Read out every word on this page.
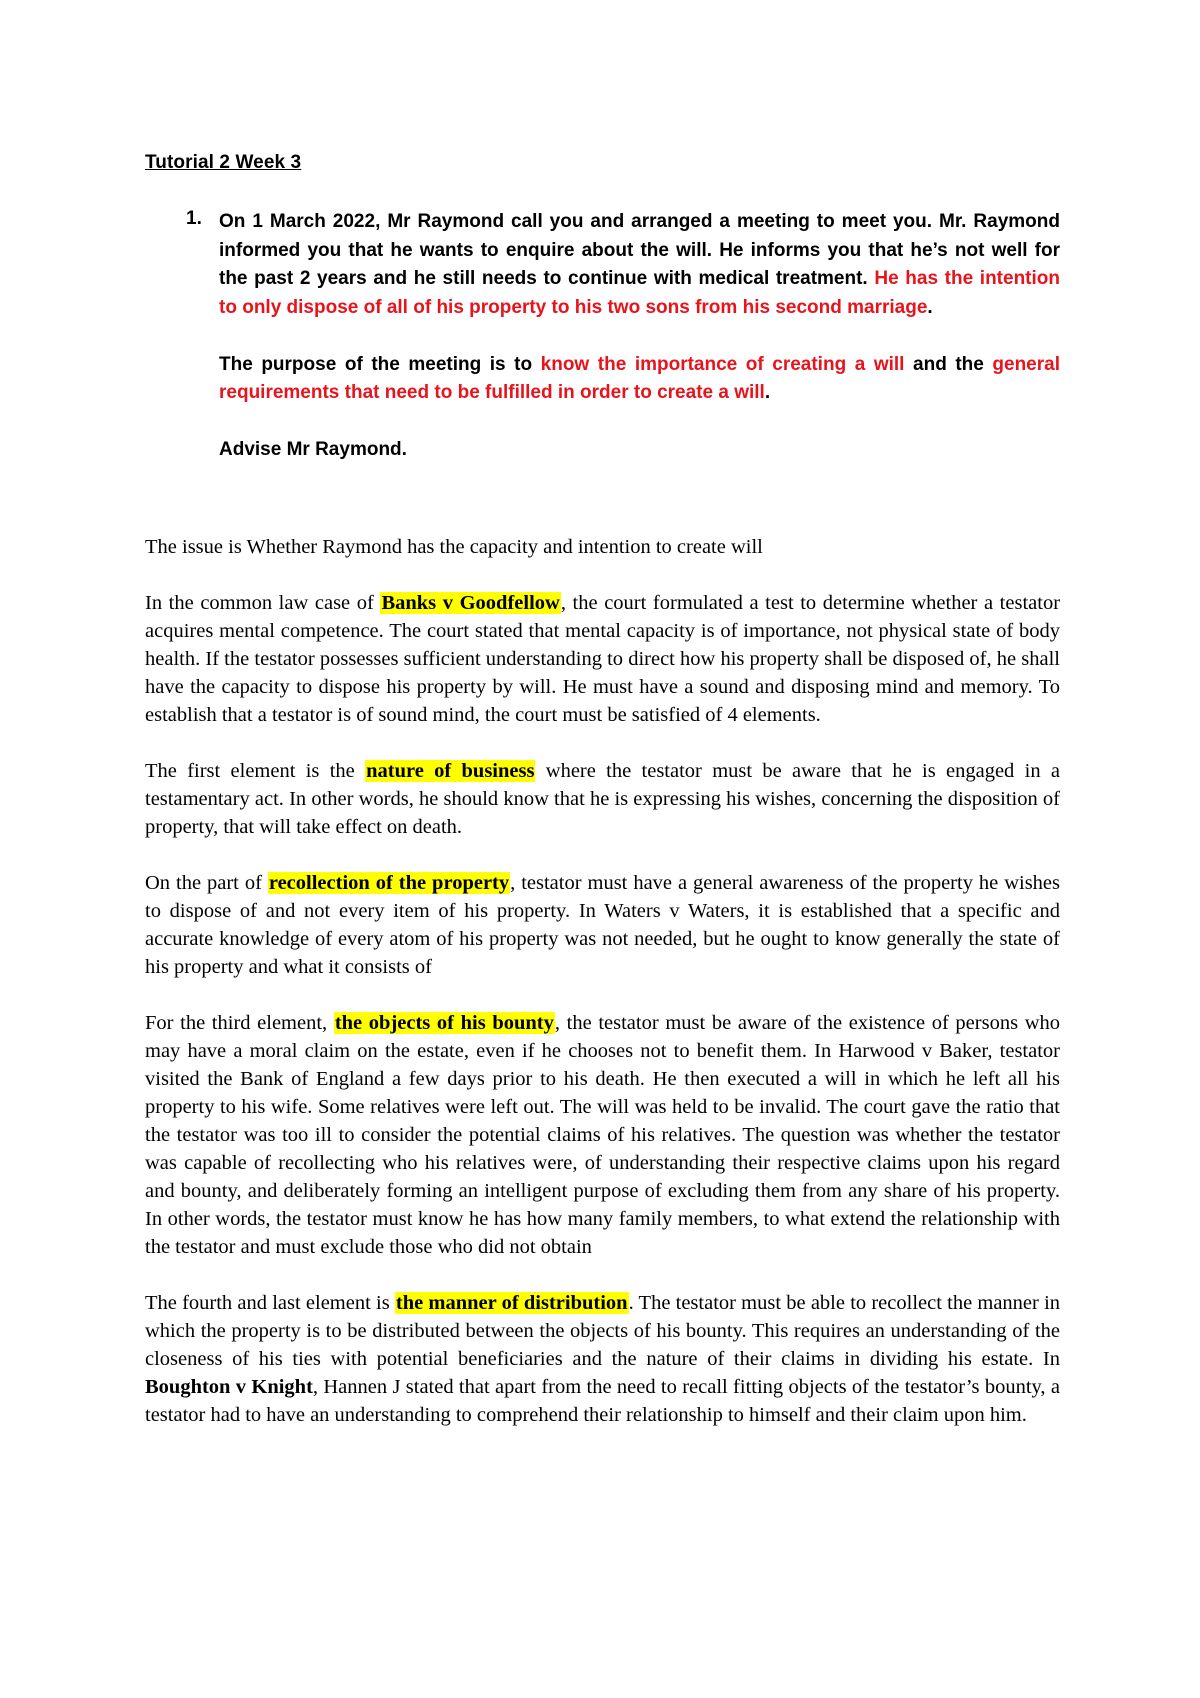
Tutorial 2 Week 3
1. On 1 March 2022, Mr Raymond call you and arranged a meeting to meet you. Mr. Raymond informed you that he wants to enquire about the will. He informs you that he’s not well for the past 2 years and he still needs to continue with medical treatment. He has the intention to only dispose of all of his property to his two sons from his second marriage.

The purpose of the meeting is to know the importance of creating a will and the general requirements that need to be fulfilled in order to create a will.

Advise Mr Raymond.

The issue is Whether Raymond has the capacity and intention to create will

In the common law case of Banks v Goodfellow, the court formulated a test to determine whether a testator acquires mental competence. The court stated that mental capacity is of importance, not physical state of body health. If the testator possesses sufficient understanding to direct how his property shall be disposed of, he shall have the capacity to dispose his property by will. He must have a sound and disposing mind and memory. To establish that a testator is of sound mind, the court must be satisfied of 4 elements.

The first element is the nature of business where the testator must be aware that he is engaged in a testamentary act. In other words, he should know that he is expressing his wishes, concerning the disposition of property, that will take effect on death.

On the part of recollection of the property, testator must have a general awareness of the property he wishes to dispose of and not every item of his property. In Waters v Waters, it is established that a specific and accurate knowledge of every atom of his property was not needed, but he ought to know generally the state of his property and what it consists of

For the third element, the objects of his bounty, the testator must be aware of the existence of persons who may have a moral claim on the estate, even if he chooses not to benefit them. In Harwood v Baker, testator visited the Bank of England a few days prior to his death. He then executed a will in which he left all his property to his wife. Some relatives were left out. The will was held to be invalid. The court gave the ratio that the testator was too ill to consider the potential claims of his relatives. The question was whether the testator was capable of recollecting who his relatives were, of understanding their respective claims upon his regard and bounty, and deliberately forming an intelligent purpose of excluding them from any share of his property. In other words, the testator must know he has how many family members, to what extend the relationship with the testator and must exclude those who did not obtain

The fourth and last element is the manner of distribution. The testator must be able to recollect the manner in which the property is to be distributed between the objects of his bounty. This requires an understanding of the closeness of his ties with potential beneficiaries and the nature of their claims in dividing his estate. In Boughton v Knight, Hannen J stated that apart from the need to recall fitting objects of the testator’s bounty, a testator had to have an understanding to comprehend their relationship to himself and their claim upon him.
